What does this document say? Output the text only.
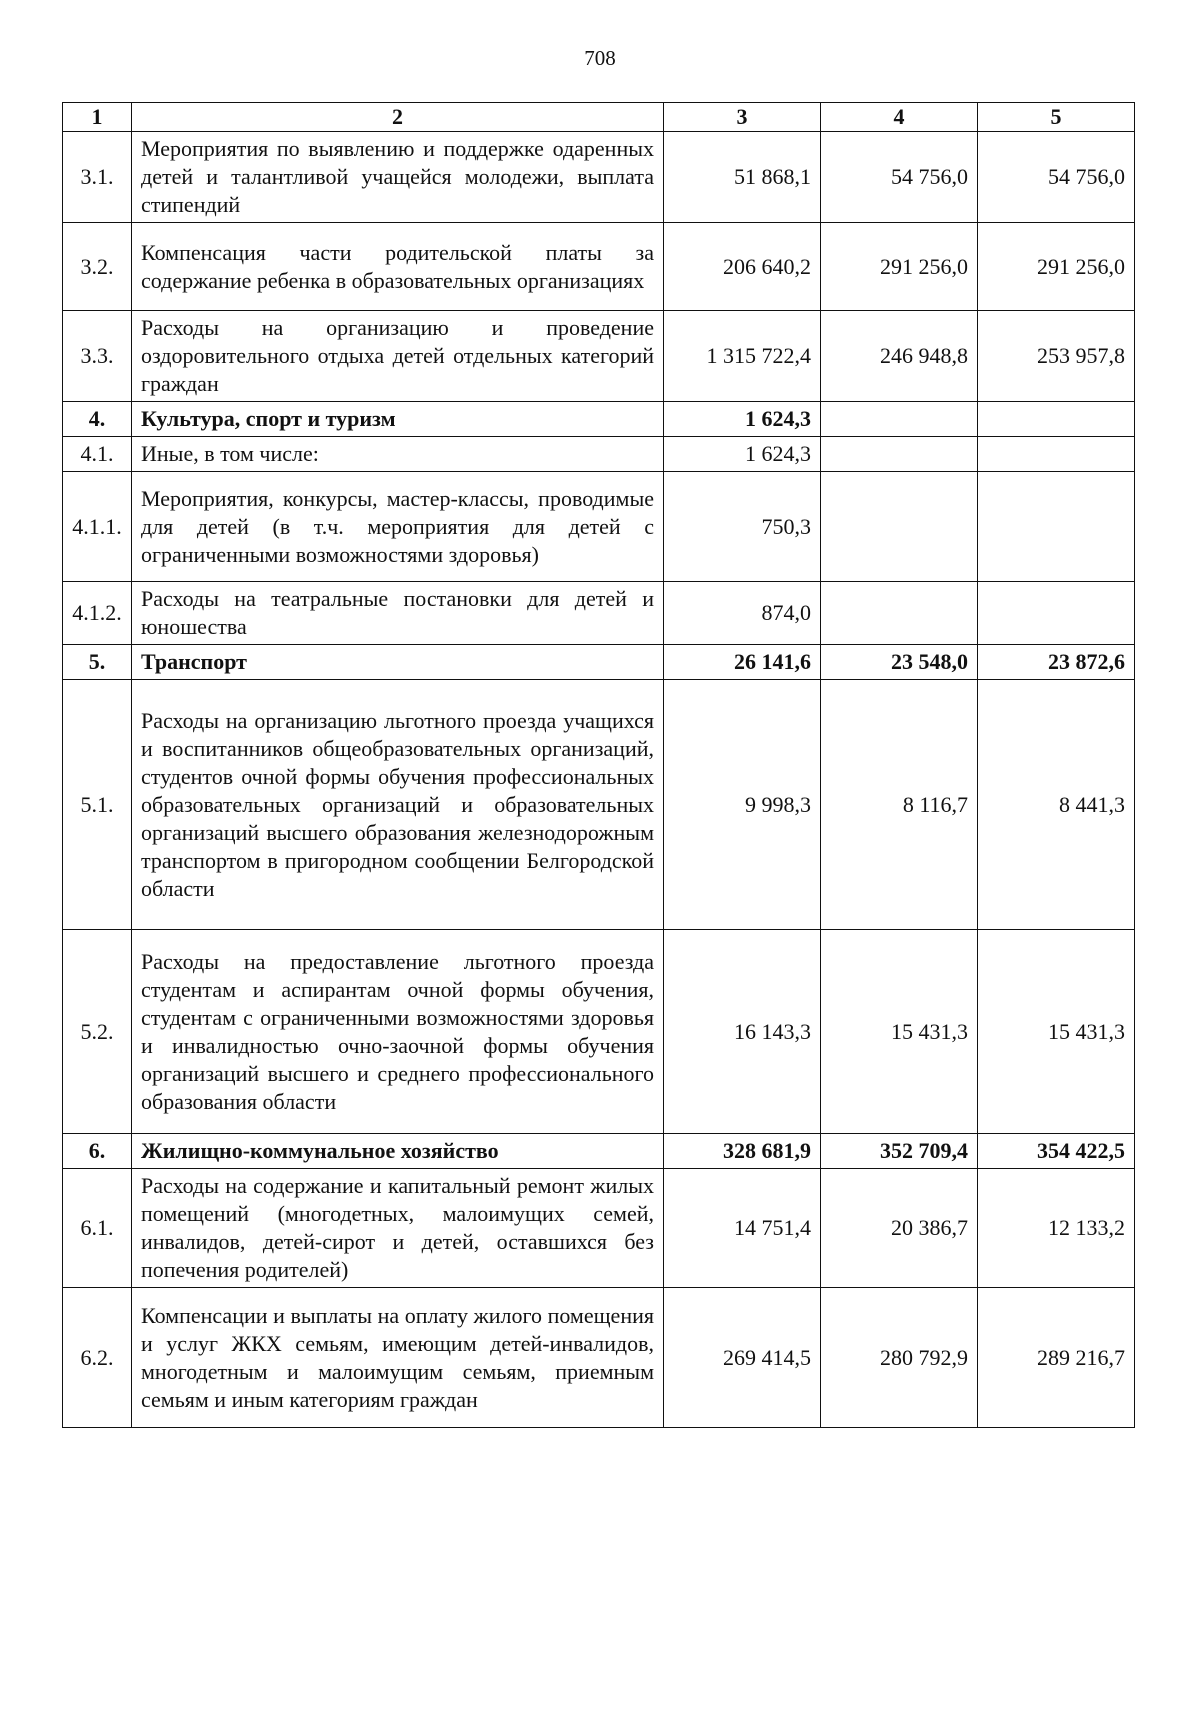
708
1	2	3	4	5
3.1.	Мероприятия по выявлению и поддержке одаренных детей и талантливой учащейся молодежи, выплата стипендий	51 868,1	54 756,0	54 756,0
3.2.	Компенсация части родительской платы за содержание ребенка в образовательных организациях	206 640,2	291 256,0	291 256,0
3.3.	Расходы на организацию и проведение оздоровительного отдыха детей отдельных категорий граждан	1 315 722,4	246 948,8	253 957,8
4.	Культура, спорт и туризм	1 624,3		
4.1.	Иные, в том числе:	1 624,3		
4.1.1.	Мероприятия, конкурсы, мастер-классы, проводимые для детей (в т.ч. мероприятия для детей с ограниченными возможностями здоровья)	750,3		
4.1.2.	Расходы на театральные постановки для детей и юношества	874,0		
5.	Транспорт	26 141,6	23 548,0	23 872,6
5.1.	Расходы на организацию льготного проезда учащихся и воспитанников общеобразовательных организаций, студентов очной формы обучения профессиональных образовательных организаций и образовательных организаций высшего образования железнодорожным транспортом в пригородном сообщении Белгородской области	9 998,3	8 116,7	8 441,3
5.2.	Расходы на предоставление льготного проезда студентам и аспирантам очной формы обучения, студентам с ограниченными возможностями здоровья и инвалидностью очно-заочной формы обучения организаций высшего и среднего профессионального образования области	16 143,3	15 431,3	15 431,3
6.	Жилищно-коммунальное хозяйство	328 681,9	352 709,4	354 422,5
6.1.	Расходы на содержание и капитальный ремонт жилых помещений (многодетных, малоимущих семей, инвалидов, детей-сирот и детей, оставшихся без попечения родителей)	14 751,4	20 386,7	12 133,2
6.2.	Компенсации и выплаты на оплату жилого помещения и услуг ЖКХ семьям, имеющим детей-инвалидов, многодетным и малоимущим семьям, приемным семьям и иным категориям граждан	269 414,5	280 792,9	289 216,7
